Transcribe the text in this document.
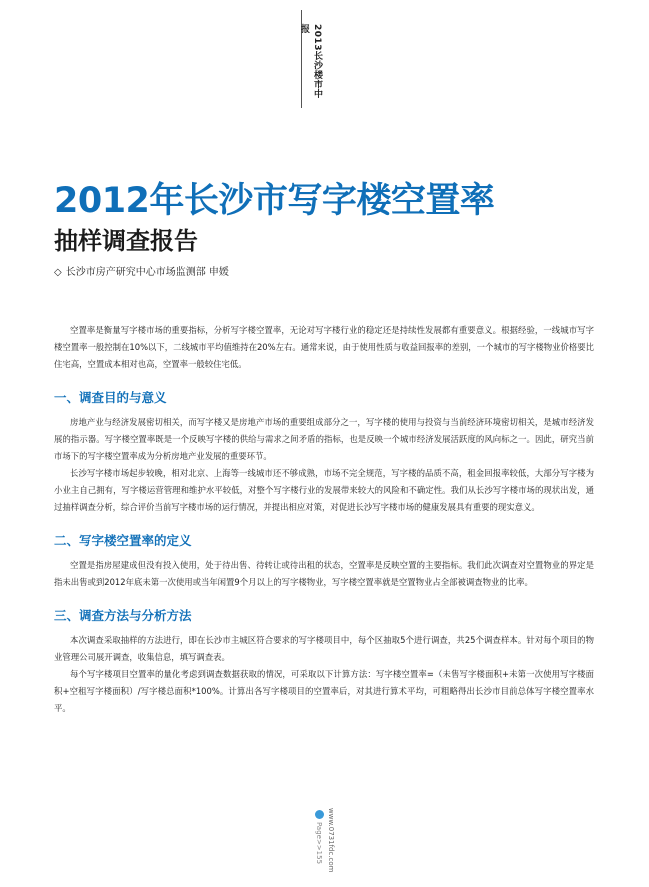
2013长沙楼市中报
2012年长沙市写字楼空置率
抽样调查报告
◇ 长沙市房产研究中心市场监测部 申媛

空置率是衡量写字楼市场的重要指标，分析写字楼空置率，无论对写字楼行业的稳定还是持续性发展都有重要意义。根据经验，一线城市写字楼空置率一般控制在10%以下，二线城市平均值维持在20%左右。通常来说，由于使用性质与收益回报率的差别，一个城市的写字楼物业价格要比住宅高，空置成本相对也高，空置率一般较住宅低。

一、调查目的与意义

房地产业与经济发展密切相关，而写字楼又是房地产市场的重要组成部分之一，写字楼的使用与投资与当前经济环境密切相关，是城市经济发展的指示器。写字楼空置率既是一个反映写字楼的供给与需求之间矛盾的指标，也是反映一个城市经济发展活跃度的风向标之一。因此，研究当前市场下的写字楼空置率成为分析房地产业发展的重要环节。

长沙写字楼市场起步较晚，相对北京、上海等一线城市还不够成熟，市场不完全规范，写字楼的品质不高，租金回报率较低，大部分写字楼为小业主自己拥有，写字楼运营管理和维护水平较低，对整个写字楼行业的发展带来较大的风险和不确定性。我们从长沙写字楼市场的现状出发，通过抽样调查分析，综合评价当前写字楼市场的运行情况，并提出相应对策，对促进长沙写字楼市场的健康发展具有重要的现实意义。

二、写字楼空置率的定义

空置是指房屋建成但没有投入使用，处于待出售、待转让或待出租的状态，空置率是反映空置的主要指标。我们此次调查对空置物业的界定是指未出售或到2012年底未第一次使用或当年闲置9个月以上的写字楼物业，写字楼空置率就是空置物业占全部被调查物业的比率。

三、调查方法与分析方法

本次调查采取抽样的方法进行，即在长沙市主城区符合要求的写字楼项目中，每个区抽取5个进行调查，共25个调查样本。针对每个项目的物业管理公司展开调查，收集信息，填写调查表。

每个写字楼项目空置率的量化考虑到调查数据获取的情况，可采取以下计算方法：写字楼空置率=（未售写字楼面积+未第一次使用写字楼面积+空租写字楼面积）/写字楼总面积*100%。计算出各写字楼项目的空置率后，对其进行算术平均，可粗略得出长沙市目前总体写字楼空置率水平。

Page>>155 www.0731fdc.com
